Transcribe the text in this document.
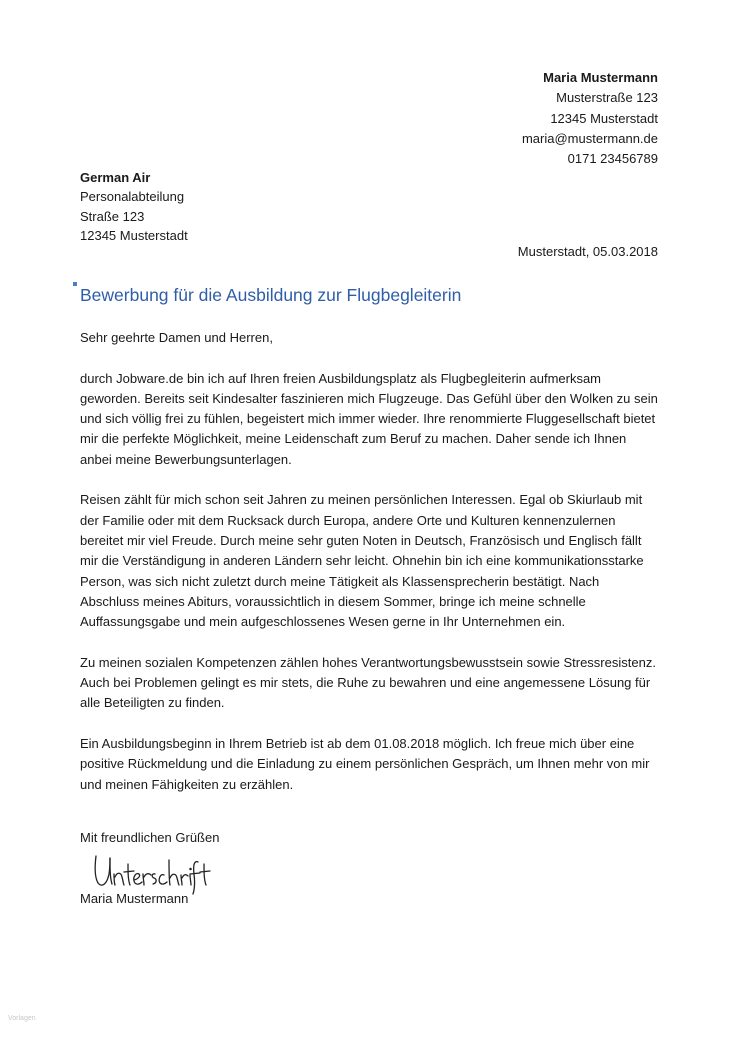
Maria Mustermann
Musterstraße 123
12345 Musterstadt
maria@mustermann.de
0171 23456789
German Air
Personalabteilung
Straße 123
12345 Musterstadt
Musterstadt, 05.03.2018
Bewerbung für die Ausbildung zur Flugbegleiterin

Sehr geehrte Damen und Herren,

durch Jobware.de bin ich auf Ihren freien Ausbildungsplatz als Flugbegleiterin aufmerksam geworden. Bereits seit Kindesalter faszinieren mich Flugzeuge. Das Gefühl über den Wolken zu sein und sich völlig frei zu fühlen, begeistert mich immer wieder. Ihre renommierte Fluggesellschaft bietet mir die perfekte Möglichkeit, meine Leidenschaft zum Beruf zu machen. Daher sende ich Ihnen anbei meine Bewerbungsunterlagen.

Reisen zählt für mich schon seit Jahren zu meinen persönlichen Interessen. Egal ob Skiurlaub mit der Familie oder mit dem Rucksack durch Europa, andere Orte und Kulturen kennenzulernen bereitet mir viel Freude. Durch meine sehr guten Noten in Deutsch, Französisch und Englisch fällt mir die Verständigung in anderen Ländern sehr leicht. Ohnehin bin ich eine kommunikationsstarke Person, was sich nicht zuletzt durch meine Tätigkeit als Klassensprecherin bestätigt. Nach Abschluss meines Abiturs, voraussichtlich in diesem Sommer, bringe ich meine schnelle Auffassungsgabe und mein aufgeschlossenes Wesen gerne in Ihr Unternehmen ein.

Zu meinen sozialen Kompetenzen zählen hohes Verantwortungsbewusstsein sowie Stressresistenz. Auch bei Problemen gelingt es mir stets, die Ruhe zu bewahren und eine angemessene Lösung für alle Beteiligten zu finden.

Ein Ausbildungsbeginn in Ihrem Betrieb ist ab dem 01.08.2018 möglich. Ich freue mich über eine positive Rückmeldung und die Einladung zu einem persönlichen Gespräch, um Ihnen mehr von mir und meinen Fähigkeiten zu erzählen.

Mit freundlichen Grüßen
Maria Mustermann
Vorlagen
